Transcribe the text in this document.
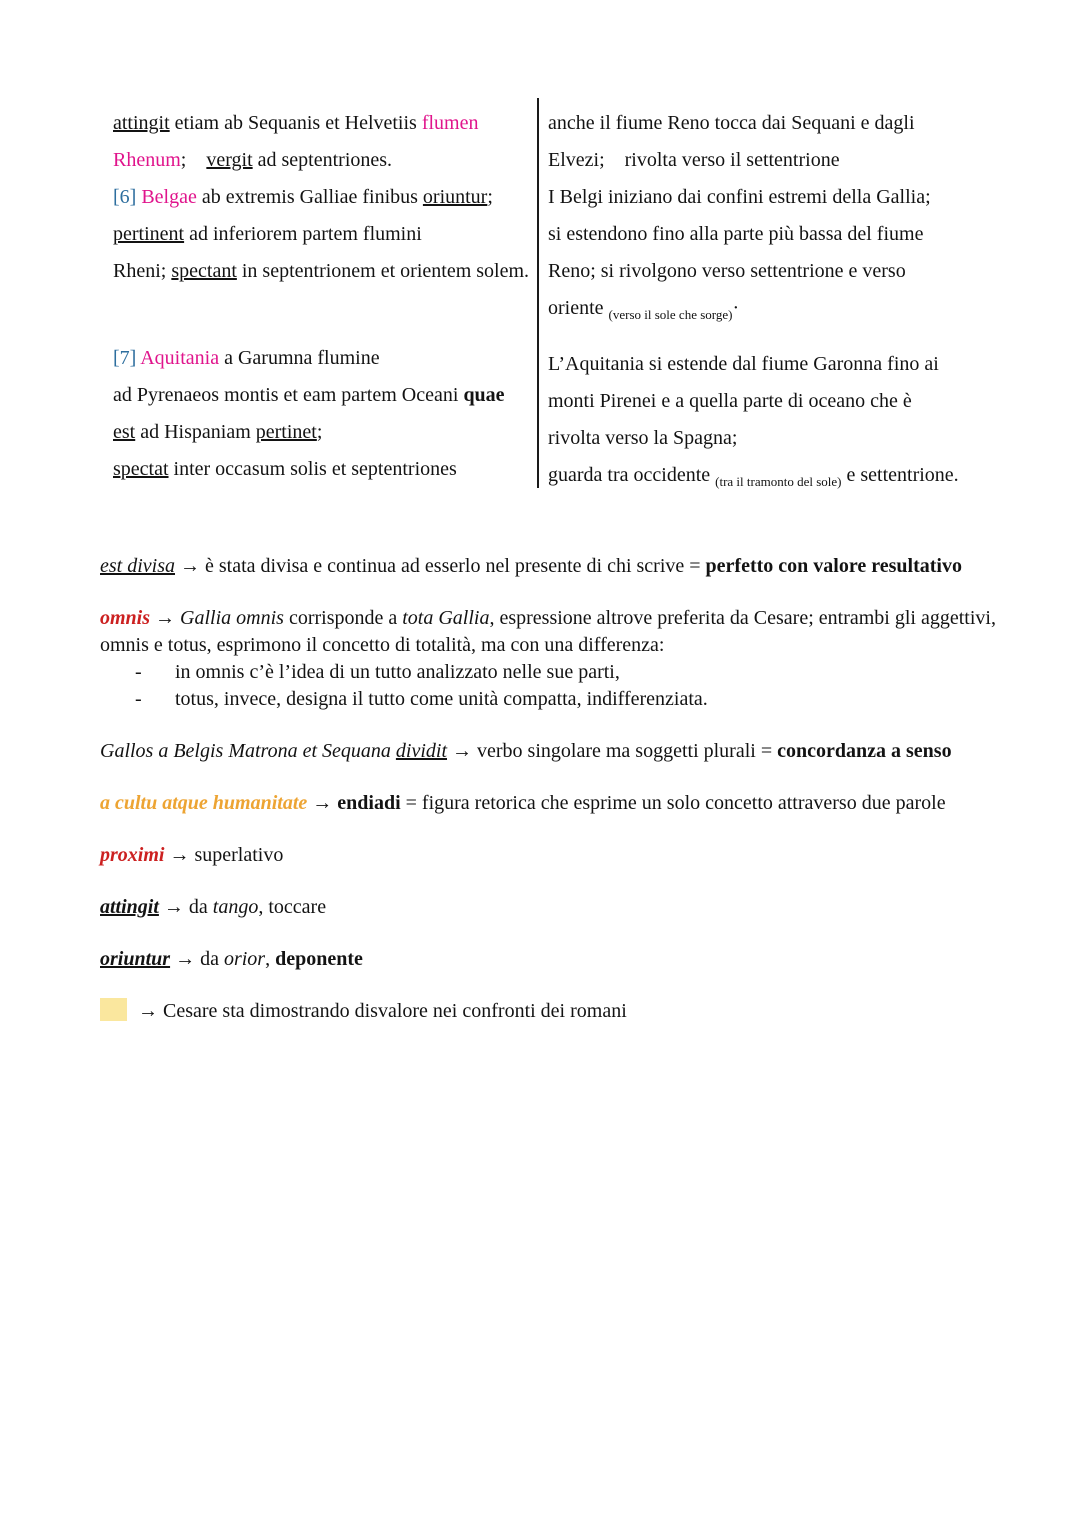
attingit etiam ab Sequanis et Helvetiis flumen
Rhenum;    vergit ad septentriones.
[6] Belgae ab extremis Galliae finibus oriuntur;
pertinent ad inferiorem partem flumini
Rheni; spectant in septentrionem et orientem solem.
[7] Aquitania a Garumna flumine
ad Pyrenaeos montis et eam partem Oceani quae
est ad Hispaniam pertinet;
spectat inter occasum solis et septentriones
anche il fiume Reno tocca dai Sequani e dagli
Elvezi;    rivolta verso il settentrione
I Belgi iniziano dai confini estremi della Gallia;
si estendono fino alla parte più bassa del fiume
Reno; si rivolgono verso settentrione e verso
oriente $_{(verso il sole che sorge)}$·
L’Aquitania si estende dal fiume Garonna fino ai
monti Pirenei e a quella parte di oceano che è
rivolta verso la Spagna;
guarda tra occidente $_{(tra il tramonto del sole)}$ e settentrione.
est divisa → è stata divisa e continua ad esserlo nel presente di chi scrive = perfetto con valore resultativo
omnis → Gallia omnis corrisponde a tota Gallia, espressione altrove preferita da Cesare; entrambi gli aggettivi, omnis e totus, esprimono il concetto di totalità, ma con una differenza:
-	in omnis c’è l’idea di un tutto analizzato nelle sue parti,
-	totus, invece, designa il tutto come unità compatta, indifferenziata.
Gallos a Belgis Matrona et Sequana dividit → verbo singolare ma soggetti plurali = concordanza a senso
a cultu atque humanitate → endiadi = figura retorica che esprime un solo concetto attraverso due parole
proximi → superlativo
attingit → da tango, toccare
oriuntur → da orior, deponente
→ Cesare sta dimostrando disvalore nei confronti dei romani
